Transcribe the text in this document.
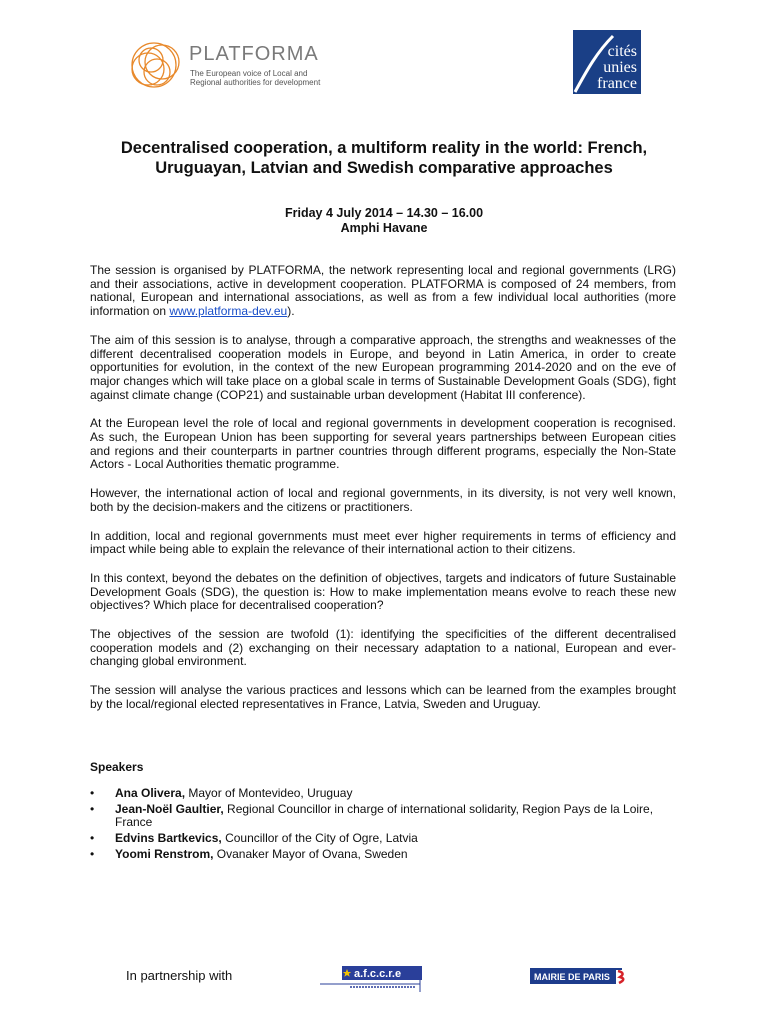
PLATFORMA
The European voice of Local and
Regional authorities for development
cités
unies
france
Decentralised cooperation, a multiform reality in the world: French, Uruguayan, Latvian and Swedish comparative approaches
Friday 4 July 2014 – 14.30 – 16.00
Amphi Havane

The session is organised by PLATFORMA, the network representing local and regional governments (LRG) and their associations, active in development cooperation. PLATFORMA is composed of 24 members, from national, European and international associations, as well as from a few individual local authorities (more information on www.platforma-dev.eu).

The aim of this session is to analyse, through a comparative approach, the strengths and weaknesses of the different decentralised cooperation models in Europe, and beyond in Latin America, in order to create opportunities for evolution, in the context of the new European programming 2014-2020 and on the eve of major changes which will take place on a global scale in terms of Sustainable Development Goals (SDG), fight against climate change (COP21) and sustainable urban development (Habitat III conference).

At the European level the role of local and regional governments in development cooperation is recognised. As such, the European Union has been supporting for several years partnerships between European cities and regions and their counterparts in partner countries through different programs, especially the Non-State Actors - Local Authorities thematic programme.

However, the international action of local and regional governments, in its diversity, is not very well known, both by the decision-makers and the citizens or practitioners.

In addition, local and regional governments must meet ever higher requirements in terms of efficiency and impact while being able to explain the relevance of their international action to their citizens.

In this context, beyond the debates on the definition of objectives, targets and indicators of future Sustainable Development Goals (SDG), the question is: How to make implementation means evolve to reach these new objectives? Which place for decentralised cooperation?

The objectives of the session are twofold (1): identifying the specificities of the different decentralised cooperation models and (2) exchanging on their necessary adaptation to a national, European and ever-changing global environment.

The session will analyse the various practices and lessons which can be learned from the examples brought by the local/regional elected representatives in France, Latvia, Sweden and Uruguay.

Speakers
• Ana Olivera, Mayor of Montevideo, Uruguay
• Jean-Noël Gaultier, Regional Councillor in charge of international solidarity, Region Pays de la Loire, France
• Edvins Bartkevics, Councillor of the City of Ogre, Latvia
• Yoomi Renstrom, Ovanaker Mayor of Ovana, Sweden
In partnership with	a.f.c.c.r.e	MAIRIE DE PARIS
